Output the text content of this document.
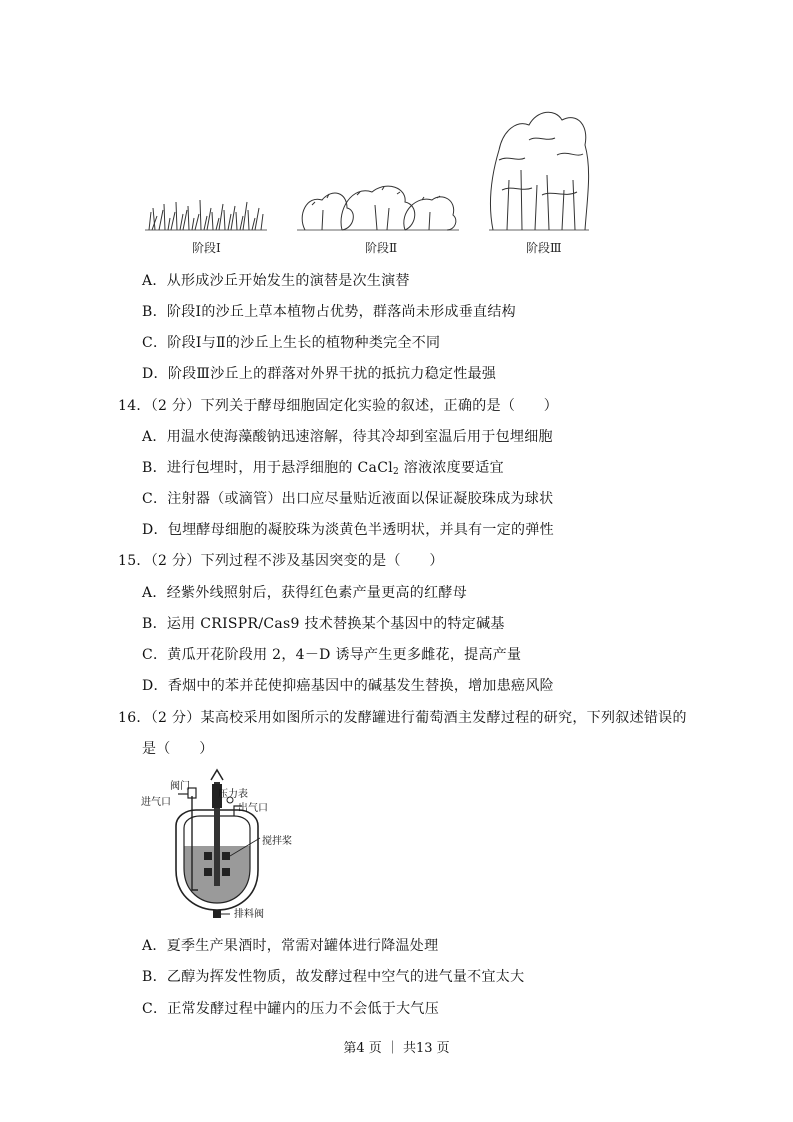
阶段Ⅰ	阶段Ⅱ	阶段Ⅲ
A．从形成沙丘开始发生的演替是次生演替
B．阶段Ⅰ的沙丘上草本植物占优势，群落尚未形成垂直结构
C．阶段Ⅰ与Ⅱ的沙丘上生长的植物种类完全不同
D．阶段Ⅲ沙丘上的群落对外界干扰的抵抗力稳定性最强
14．（2 分）下列关于酵母细胞固定化实验的叙述，正确的是（　　）
A．用温水使海藻酸钠迅速溶解，待其冷却到室温后用于包埋细胞
B．进行包埋时，用于悬浮细胞的 CaCl$_2$ 溶液浓度要适宜
C．注射器（或滴管）出口应尽量贴近液面以保证凝胶珠成为球状
D．包埋酵母细胞的凝胶珠为淡黄色半透明状，并具有一定的弹性
15．（2 分）下列过程不涉及基因突变的是（　　）
A．经紫外线照射后，获得红色素产量更高的红酵母
B．运用 CRISPR/Cas9 技术替换某个基因中的特定碱基
C．黄瓜开花阶段用 2，4－D 诱导产生更多雌花，提高产量
D．香烟中的苯并芘使抑癌基因中的碱基发生替换，增加患癌风险
16．（2 分）某高校采用如图所示的发酵罐进行葡萄酒主发酵过程的研究，下列叙述错误的
是（　　）
阀门
压力表
进气口
出气口
搅拌桨
排料阀
A．夏季生产果酒时，常需对罐体进行降温处理
B．乙醇为挥发性物质，故发酵过程中空气的进气量不宜太大
C．正常发酵过程中罐内的压力不会低于大气压
第4 页 ｜ 共13 页
